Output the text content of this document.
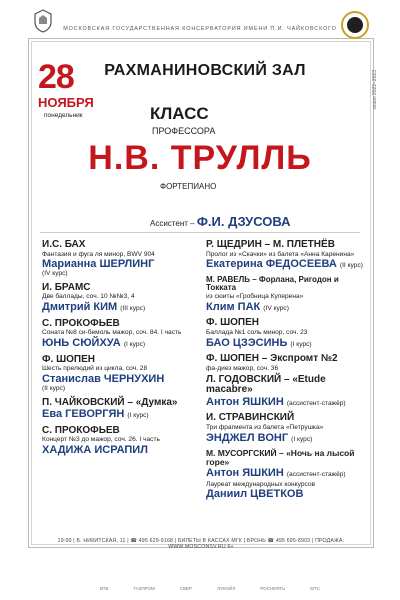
МОСКОВСКАЯ ГОСУДАРСТВЕННАЯ КОНСЕРВАТОРИЯ ИМЕНИ П.И. ЧАЙКОВСКОГО
28
НОЯБРЯ
понедельник
РАХМАНИНОВСКИЙ ЗАЛ	сезон 2022–2023
КЛАСС
ПРОФЕССОРА
Н.В. ТРУЛЛЬ
ФОРТЕПИАНО
Ассистент – Ф.И. ДЗУСОВА
И.С. БАХ
Фантазия и фуга ля минор, BWV 904
Марианна ШЕРЛИНГ
(IV курс)
И. БРАМС
Две баллады, соч. 10 №№3, 4
Дмитрий КИМ (III курс)
С. ПРОКОФЬЕВ
Соната №8 си-бемоль мажор, соч. 84. I часть
ЮНЬ СЮЙХУА (I курс)
Ф. ШОПЕН
Шесть прелюдий из цикла, соч. 28
Станислав ЧЕРНУХИН
(II курс)
П. ЧАЙКОВСКИЙ – «Думка»
Ева ГЕВОРГЯН (I курс)
С. ПРОКОФЬЕВ
Концерт №3 до мажор, соч. 26. I часть
ХАДИЖА ИСРАПИЛ
Р. ЩЕДРИН – М. ПЛЕТНЁВ
Пролог из «Скачки» из балета «Анна Каренина»
Екатерина ФЕДОСЕЕВА (II курс)
М. РАВЕЛЬ – Форлана, Ригодон и Токката
из сюиты «Гробница Куперена»
Клим ПАК (IV курс)
Ф. ШОПЕН
Баллада №1 соль минор, соч. 23
БАО ЦЗЭСИНЬ (I курс)
Ф. ШОПЕН – Экспромт №2
фа-диез мажор, соч. 36
Л. ГОДОВСКИЙ – «Etude macabre»
Антон ЯШКИН (ассистент-стажёр)
И. СТРАВИНСКИЙ
Три фрагмента из балета «Петрушка»
ЭНДЖЕЛ ВОНГ (I курс)
М. МУСОРГСКИЙ – «Ночь на лысой горе»
Антон ЯШКИН (ассистент-стажёр)
Лауреат международных конкурсов
Даниил ЦВЕТКОВ
19:00 | Б. НИКИТСКАЯ, 11 | ☎ 495 629-9168 | БИЛЕТЫ В КАССАХ МГК | БРОНЬ ☎ 495 695-8903 | ПРОДАЖА: WWW.MOSCONSV.RU 6+
ВТБ	ГАЗПРОМ	СБЕР	ЛУКОЙЛ	РОСНЕФТЬ	МТС
